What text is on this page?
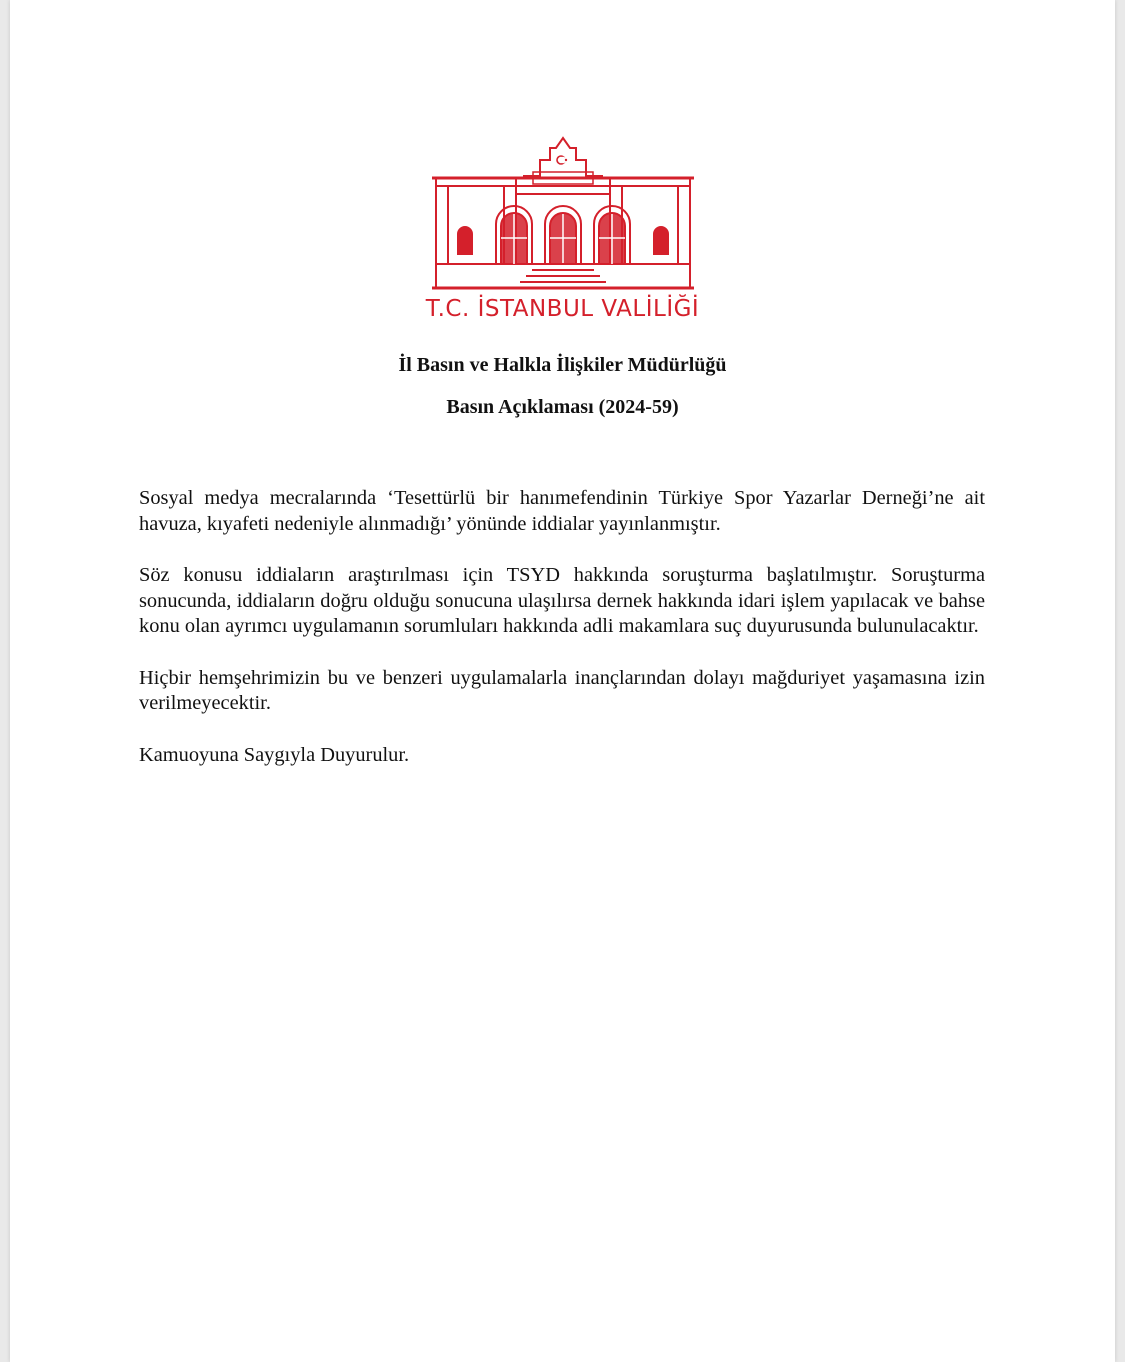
T.C. İSTANBUL VALİLİĞİ
İl Basın ve Halkla İlişkiler Müdürlüğü
Basın Açıklaması (2024-59)

Sosyal medya mecralarında ‘Tesettürlü bir hanımefendinin Türkiye Spor Yazarlar Derneği’ne ait havuza, kıyafeti nedeniyle alınmadığı’ yönünde iddialar yayınlanmıştır.

Söz konusu iddiaların araştırılması için TSYD hakkında soruşturma başlatılmıştır. Soruşturma sonucunda, iddiaların doğru olduğu sonucuna ulaşılırsa dernek hakkında idari işlem yapılacak ve bahse konu olan ayrımcı uygulamanın sorumluları hakkında adli makamlara suç duyurusunda bulunulacaktır.

Hiçbir hemşehrimizin bu ve benzeri uygulamalarla inançlarından dolayı mağduriyet yaşamasına izin verilmeyecektir.

Kamuoyuna Saygıyla Duyurulur.
